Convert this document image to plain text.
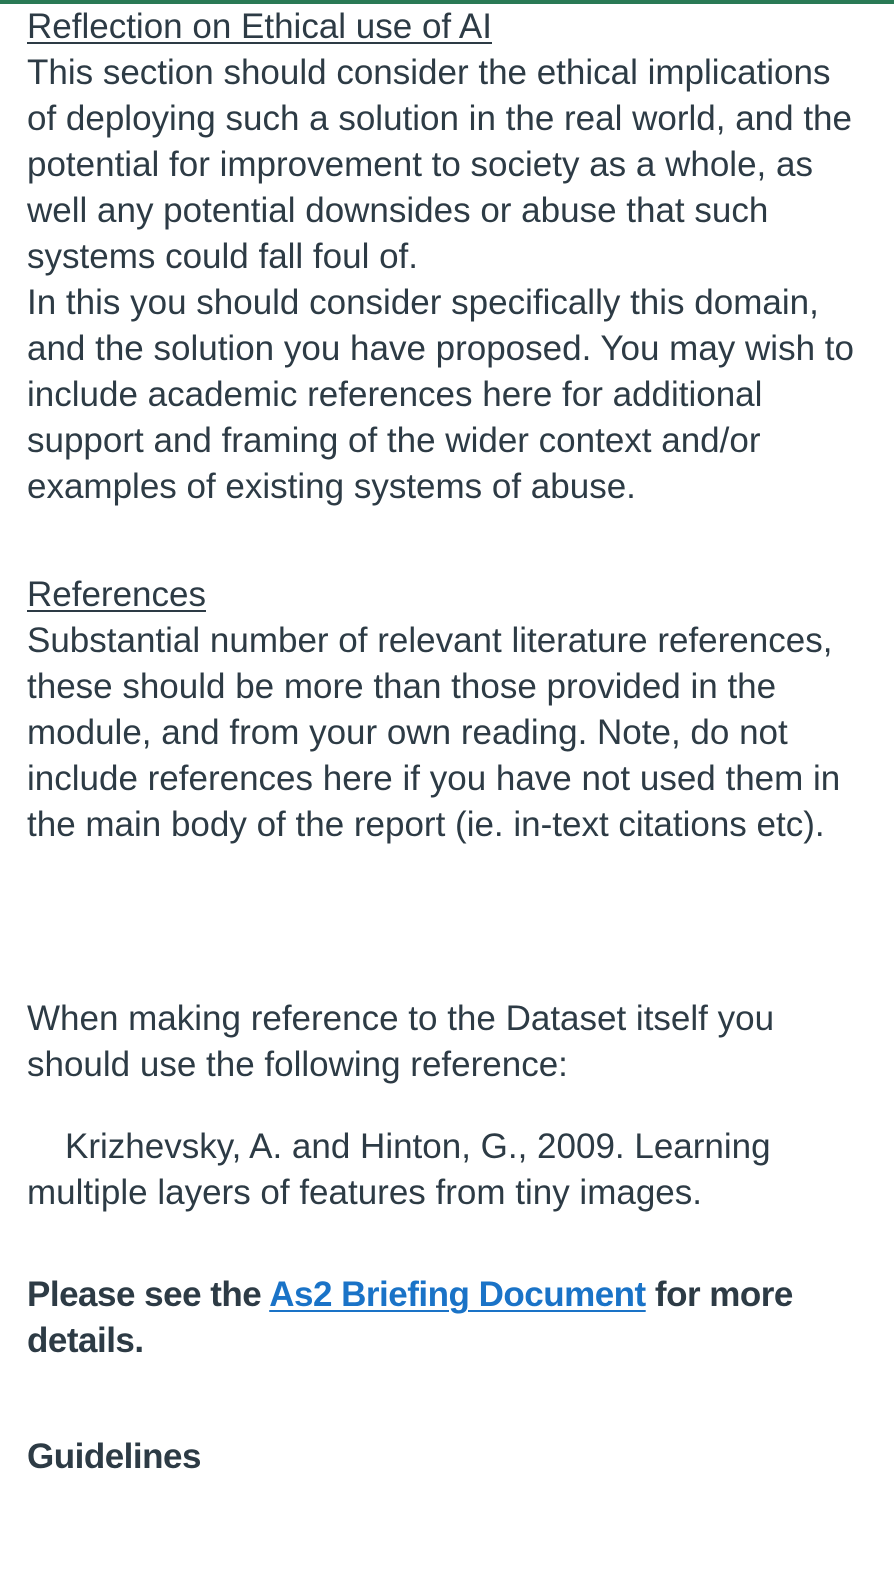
Reflection on Ethical use of AI

This section should consider the ethical implications of deploying such a solution in the real world, and the potential for improvement to society as a whole, as well any potential downsides or abuse that such systems could fall foul of.

In this you should consider specifically this domain, and the solution you have proposed. You may wish to include academic references here for additional support and framing of the wider context and/or examples of existing systems of abuse.

References

Substantial number of relevant literature references, these should be more than those provided in the module, and from your own reading. Note, do not include references here if you have not used them in the main body of the report (ie. in-text citations etc).

When making reference to the Dataset itself you should use the following reference:

Krizhevsky, A. and Hinton, G., 2009. Learning multiple layers of features from tiny images.

Please see the As2 Briefing Document for more details.

Guidelines
